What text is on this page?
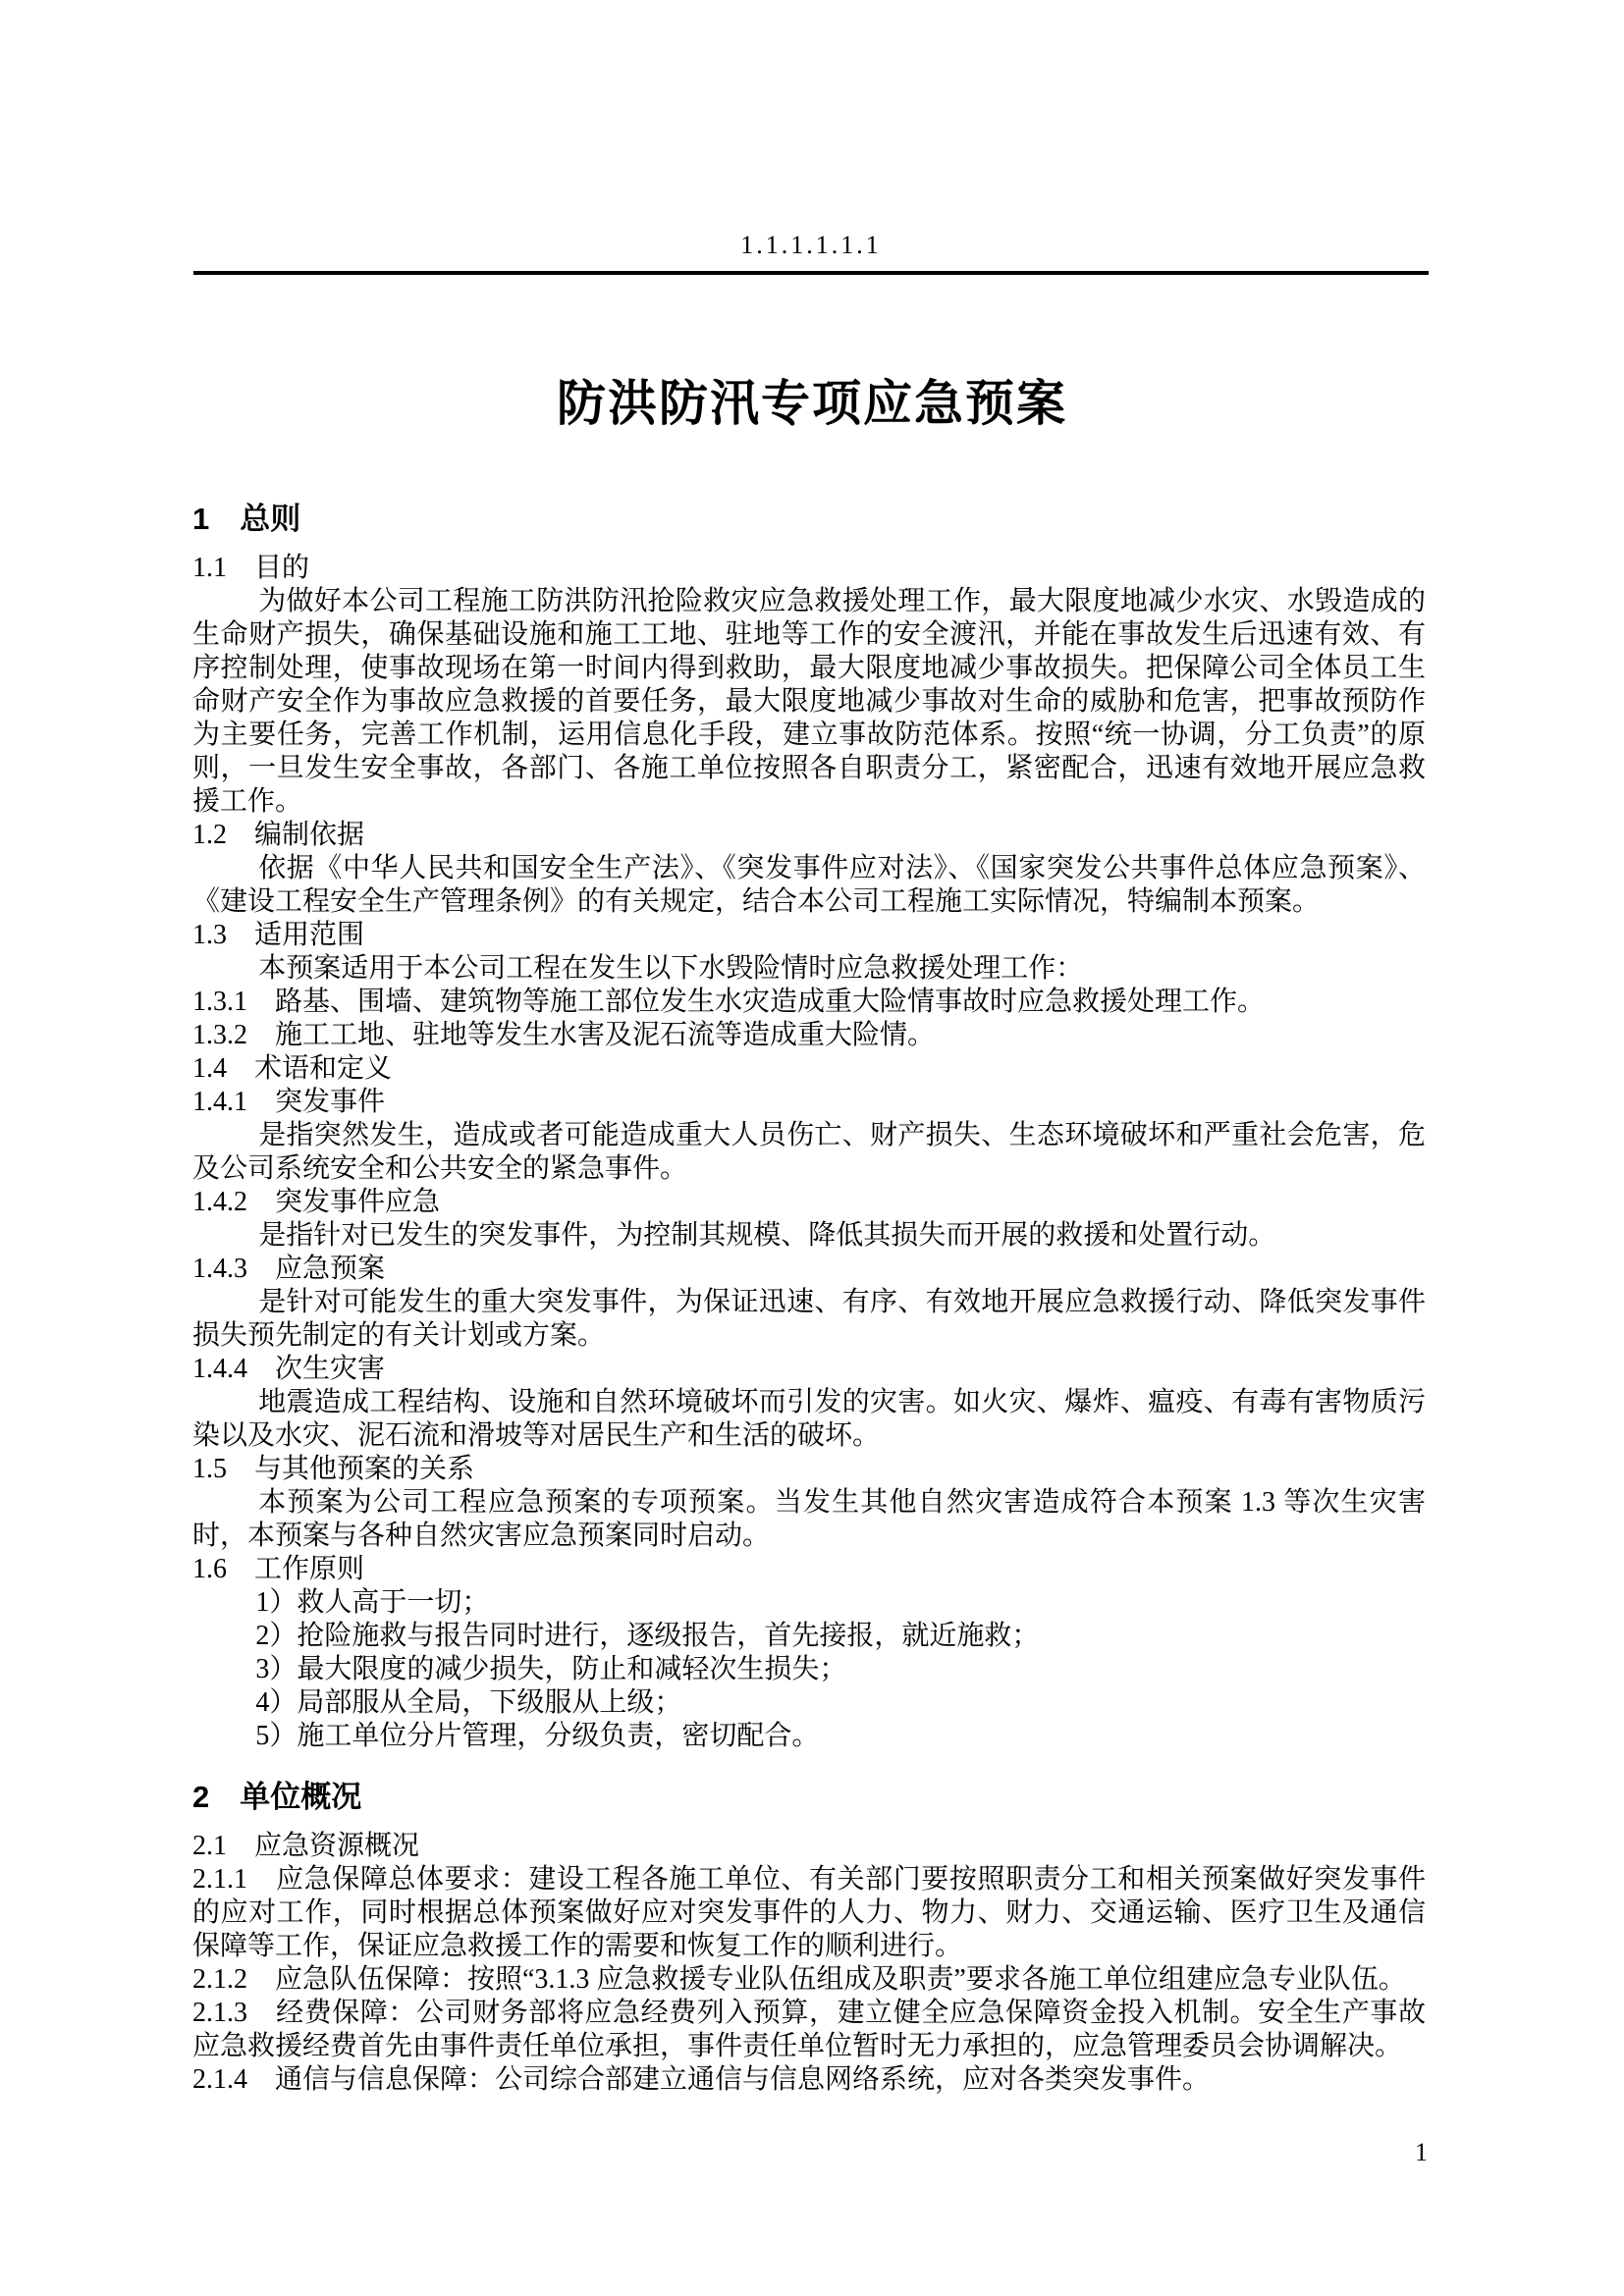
1.1.1.1.1.1
防洪防汛专项应急预案
1　总则
1.1　目的
为做好本公司工程施工防洪防汛抢险救灾应急救援处理工作，最大限度地减少水灾、水毁造成的生命财产损失，确保基础设施和施工工地、驻地等工作的安全渡汛，并能在事故发生后迅速有效、有序控制处理，使事故现场在第一时间内得到救助，最大限度地减少事故损失。把保障公司全体员工生命财产安全作为事故应急救援的首要任务，最大限度地减少事故对生命的威胁和危害，把事故预防作为主要任务，完善工作机制，运用信息化手段，建立事故防范体系。按照“统一协调，分工负责”的原则，一旦发生安全事故，各部门、各施工单位按照各自职责分工，紧密配合，迅速有效地开展应急救援工作。
1.2　编制依据
依据《中华人民共和国安全生产法》、《突发事件应对法》、《国家突发公共事件总体应急预案》、《建设工程安全生产管理条例》的有关规定，结合本公司工程施工实际情况，特编制本预案。
1.3　适用范围
本预案适用于本公司工程在发生以下水毁险情时应急救援处理工作：
1.3.1　路基、围墙、建筑物等施工部位发生水灾造成重大险情事故时应急救援处理工作。
1.3.2　施工工地、驻地等发生水害及泥石流等造成重大险情。
1.4　术语和定义
1.4.1　突发事件
是指突然发生，造成或者可能造成重大人员伤亡、财产损失、生态环境破坏和严重社会危害，危及公司系统安全和公共安全的紧急事件。
1.4.2　突发事件应急
是指针对已发生的突发事件，为控制其规模、降低其损失而开展的救援和处置行动。
1.4.3　应急预案
是针对可能发生的重大突发事件，为保证迅速、有序、有效地开展应急救援行动、降低突发事件损失预先制定的有关计划或方案。
1.4.4　次生灾害
地震造成工程结构、设施和自然环境破坏而引发的灾害。如火灾、爆炸、瘟疫、有毒有害物质污染以及水灾、泥石流和滑坡等对居民生产和生活的破坏。
1.5　与其他预案的关系
本预案为公司工程应急预案的专项预案。当发生其他自然灾害造成符合本预案 1.3 等次生灾害时，本预案与各种自然灾害应急预案同时启动。
1.6　工作原则
1）救人高于一切；
2）抢险施救与报告同时进行，逐级报告，首先接报，就近施救；
3）最大限度的减少损失，防止和减轻次生损失；
4）局部服从全局，下级服从上级；
5）施工单位分片管理，分级负责，密切配合。
2　单位概况
2.1　应急资源概况
2.1.1　应急保障总体要求：建设工程各施工单位、有关部门要按照职责分工和相关预案做好突发事件的应对工作，同时根据总体预案做好应对突发事件的人力、物力、财力、交通运输、医疗卫生及通信保障等工作，保证应急救援工作的需要和恢复工作的顺利进行。
2.1.2　应急队伍保障：按照“3.1.3 应急救援专业队伍组成及职责”要求各施工单位组建应急专业队伍。
2.1.3　经费保障：公司财务部将应急经费列入预算，建立健全应急保障资金投入机制。安全生产事故应急救援经费首先由事件责任单位承担，事件责任单位暂时无力承担的，应急管理委员会协调解决。
2.1.4　通信与信息保障：公司综合部建立通信与信息网络系统，应对各类突发事件。
1
